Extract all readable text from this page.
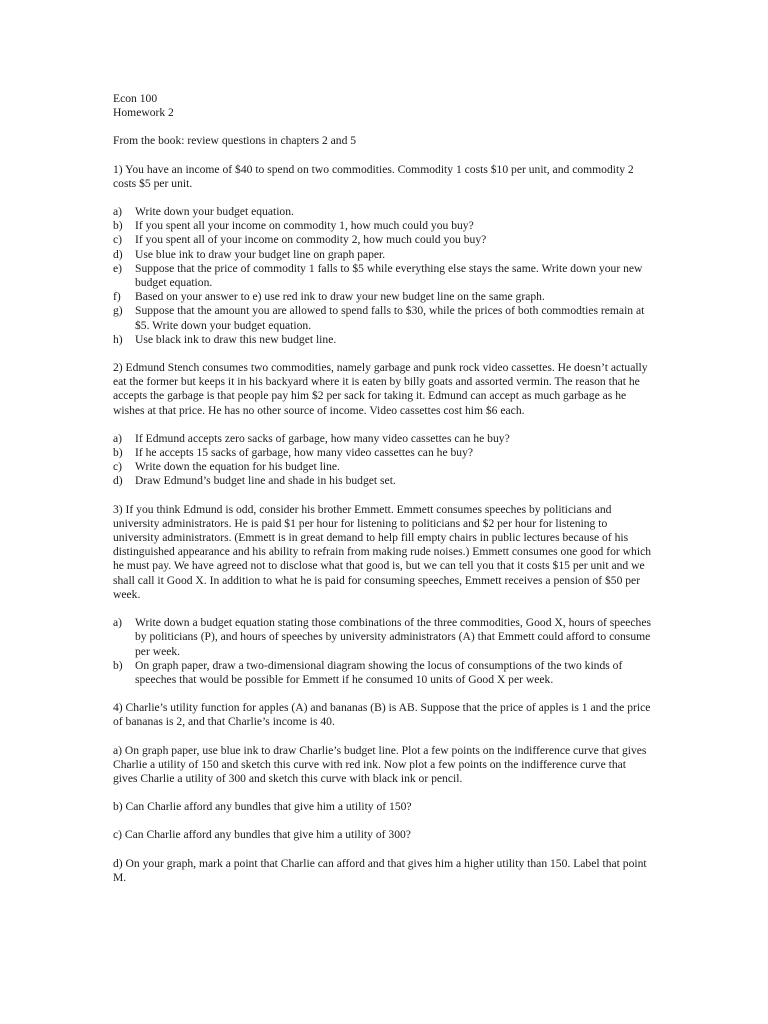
Econ 100

Homework 2

From the book: review questions in chapters 2 and 5

1) You have an income of $40 to spend on two commodities. Commodity 1 costs $10 per unit, and commodity 2 costs $5 per unit.

a) Write down your budget equation.
b) If you spent all your income on commodity 1, how much could you buy?
c) If you spent all of your income on commodity 2, how much could you buy?
d) Use blue ink to draw your budget line on graph paper.
e) Suppose that the price of commodity 1 falls to $5 while everything else stays the same. Write down your new budget equation.
f) Based on your answer to e) use red ink to draw your new budget line on the same graph.
g) Suppose that the amount you are allowed to spend falls to $30, while the prices of both commodties remain at $5. Write down your budget equation.
h) Use black ink to draw this new budget line.

2) Edmund Stench consumes two commodities, namely garbage and punk rock video cassettes. He doesn’t actually eat the former but keeps it in his backyard where it is eaten by billy goats and assorted vermin. The reason that he accepts the garbage is that people pay him $2 per sack for taking it. Edmund can accept as much garbage as he wishes at that price. He has no other source of income. Video cassettes cost him $6 each.

a) If Edmund accepts zero sacks of garbage, how many video cassettes can he buy?
b) If he accepts 15 sacks of garbage, how many video cassettes can he buy?
c) Write down the equation for his budget line.
d) Draw Edmund’s budget line and shade in his budget set.

3) If you think Edmund is odd, consider his brother Emmett. Emmett consumes speeches by politicians and university administrators. He is paid $1 per hour for listening to politicians and $2 per hour for listening to university administrators. (Emmett is in great demand to help fill empty chairs in public lectures because of his distinguished appearance and his ability to refrain from making rude noises.) Emmett consumes one good for which he must pay. We have agreed not to disclose what that good is, but we can tell you that it costs $15 per unit and we shall call it Good X. In addition to what he is paid for consuming speeches, Emmett receives a pension of $50 per week.

a) Write down a budget equation stating those combinations of the three commodities, Good X, hours of speeches by politicians (P), and hours of speeches by university administrators (A) that Emmett could afford to consume per week.
b) On graph paper, draw a two-dimensional diagram showing the locus of consumptions of the two kinds of speeches that would be possible for Emmett if he consumed 10 units of Good X per week.

4) Charlie’s utility function for apples (A) and bananas (B) is AB. Suppose that the price of apples is 1 and the price of bananas is 2, and that Charlie’s income is 40.

a) On graph paper, use blue ink to draw Charlie’s budget line. Plot a few points on the indifference curve that gives Charlie a utility of 150 and sketch this curve with red ink. Now plot a few points on the indifference curve that gives Charlie a utility of 300 and sketch this curve with black ink or pencil.

b) Can Charlie afford any bundles that give him a utility of 150?

c) Can Charlie afford any bundles that give him a utility of 300?

d) On your graph, mark a point that Charlie can afford and that gives him a higher utility than 150. Label that point M.
